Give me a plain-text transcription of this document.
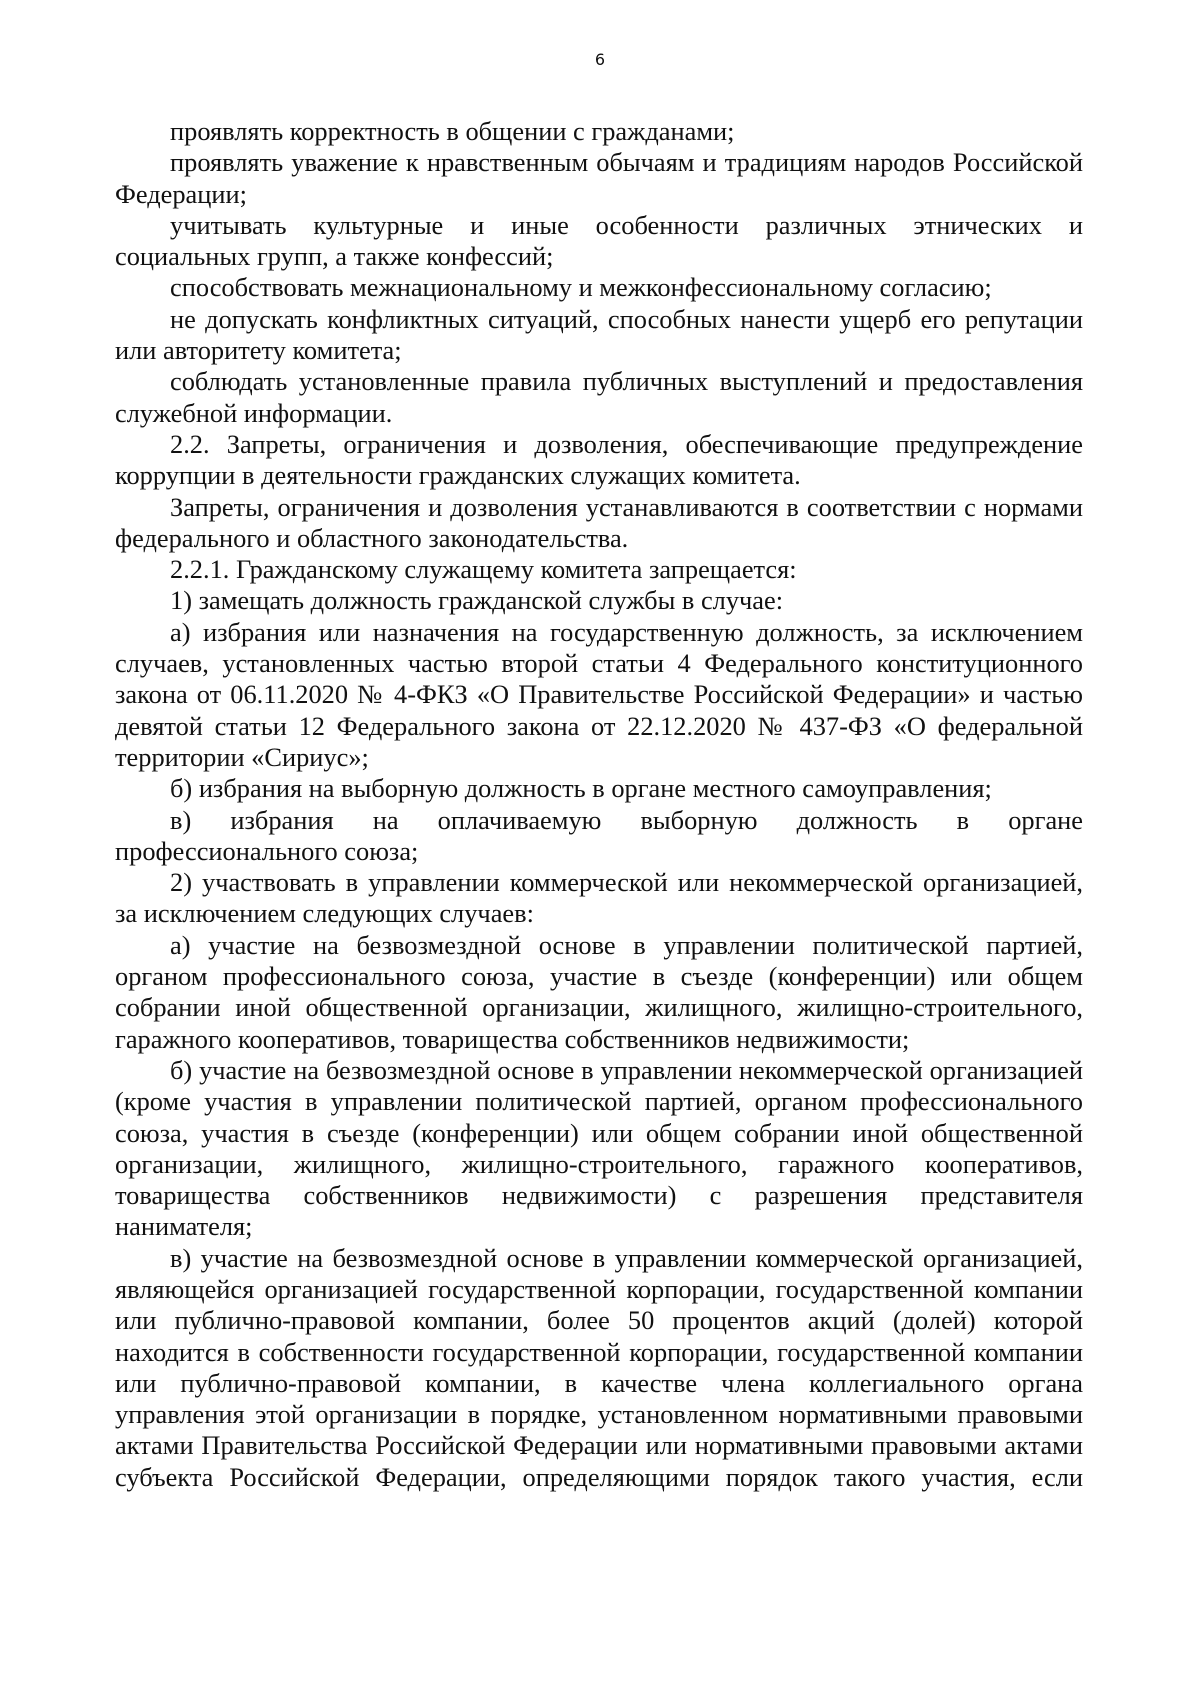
6

проявлять корректность в общении с гражданами;

проявлять уважение к нравственным обычаям и традициям народов Российской Федерации;

учитывать культурные и иные особенности различных этнических и социальных групп, а также конфессий;

способствовать межнациональному и межконфессиональному согласию;

не допускать конфликтных ситуаций, способных нанести ущерб его репутации или авторитету комитета;

соблюдать установленные правила публичных выступлений и предоставления служебной информации.

2.2. Запреты, ограничения и дозволения, обеспечивающие предупреждение коррупции в деятельности гражданских служащих комитета.

Запреты, ограничения и дозволения устанавливаются в соответствии с нормами федерального и областного законодательства.

2.2.1. Гражданскому служащему комитета запрещается:

1) замещать должность гражданской службы в случае:

а) избрания или назначения на государственную должность, за исключением случаев, установленных частью второй статьи 4 Федерального конституционного закона от 06.11.2020 № 4-ФКЗ «О Правительстве Российской Федерации» и частью девятой статьи 12 Федерального закона от 22.12.2020 № 437-ФЗ «О федеральной территории «Сириус»;

б) избрания на выборную должность в органе местного самоуправления;

в) избрания на оплачиваемую выборную должность в органе профессионального союза;

2) участвовать в управлении коммерческой или некоммерческой организацией, за исключением следующих случаев:

а) участие на безвозмездной основе в управлении политической партией, органом профессионального союза, участие в съезде (конференции) или общем собрании иной общественной организации, жилищного, жилищно-строительного, гаражного кооперативов, товарищества собственников недвижимости;

б) участие на безвозмездной основе в управлении некоммерческой организацией (кроме участия в управлении политической партией, органом профессионального союза, участия в съезде (конференции) или общем собрании иной общественной организации, жилищного, жилищно-строительного, гаражного кооперативов, товарищества собственников недвижимости) с разрешения представителя нанимателя;

в) участие на безвозмездной основе в управлении коммерческой организацией, являющейся организацией государственной корпорации, государственной компании или публично-правовой компании, более 50 процентов акций (долей) которой находится в собственности государственной корпорации, государственной компании или публично-правовой компании, в качестве члена коллегиального органа управления этой организации в порядке, установленном нормативными правовыми актами Правительства Российской Федерации или нормативными правовыми актами субъекта Российской Федерации, определяющими порядок такого участия, если
